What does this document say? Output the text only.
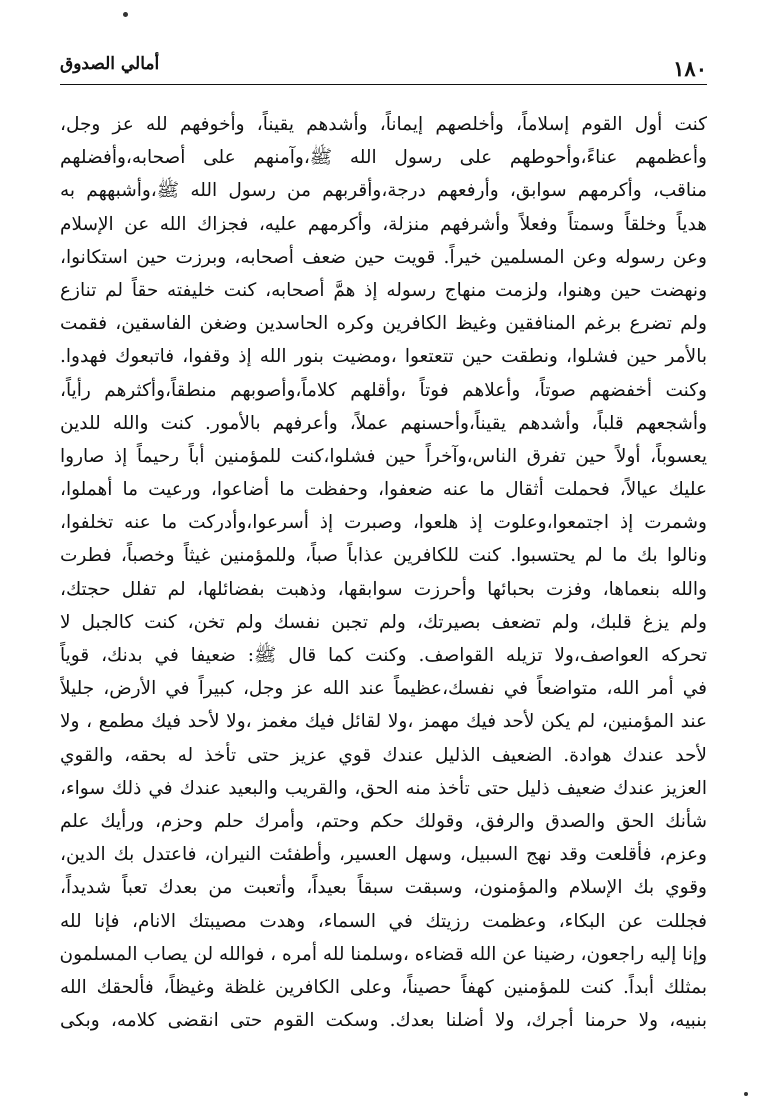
١٨٠
أمالي الصدوق
كنت أول القوم إسلاماً، وأخلصهم إيماناً، وأشدهم يقيناً، وأخوفهم لله عز وجل،
وأعظمهم عناءً،وأحوطهم على رسول الله ﷺ،وآمنهم على أصحابه،وأفضلهم
مناقب، وأكرمهم سوابق، وأرفعهم درجة،وأقربهم من رسول الله ﷺ،وأشبههم به
هدياً وخلقاً وسمتاً وفعلاً وأشرفهم منزلة، وأكرمهم عليه، فجزاك الله عن الإسلام
وعن رسوله وعن المسلمين خيراً. قويت حين ضعف أصحابه، وبرزت حين استكانوا،
ونهضت حين وهنوا، ولزمت منهاج رسوله إذ همَّ أصحابه، كنت خليفته حقاً لم تنازع
ولم تضرع برغم المنافقين وغيظ الكافرين وكره الحاسدين وضغن الفاسقين، فقمت
بالأمر حين فشلوا، ونطقت حين تتعتعوا ،ومضيت بنور الله إذ وقفوا، فاتبعوك فهدوا.
وكنت أخفضهم صوتاً، وأعلاهم فوتاً ،وأقلهم كلاماً،وأصوبهم منطقاً،وأكثرهم رأياً،
وأشجعهم قلباً، وأشدهم يقيناً،وأحسنهم عملاً، وأعرفهم بالأمور. كنت والله للدين
يعسوباً، أولاً حين تفرق الناس،وآخراً حين فشلوا،كنت للمؤمنين أباً رحيماً إذ صاروا
عليك عيالاً، فحملت أثقال ما عنه ضعفوا، وحفظت ما أضاعوا، ورعيت ما أهملوا،
وشمرت إذ اجتمعوا،وعلوت إذ هلعوا، وصبرت إذ أسرعوا،وأدركت ما عنه تخلفوا،
ونالوا بك ما لم يحتسبوا. كنت للكافرين عذاباً صباً، وللمؤمنين غيثاً وخصباً، فطرت
والله بنعماها، وفزت بحبائها وأحرزت سوابقها، وذهبت بفضائلها، لم تفلل حجتك،
ولم يزغ قلبك، ولم تضعف بصيرتك، ولم تجبن نفسك ولم تخن، كنت كالجبل لا
تحركه العواصف،ولا تزيله القواصف. وكنت كما قال ﷺ: ضعيفا في بدنك، قوياً
في أمر الله، متواضعاً في نفسك،عظيماً عند الله عز وجل، كبيراً في الأرض، جليلاً
عند المؤمنين، لم يكن لأحد فيك مهمز ،ولا لقائل فيك مغمز ،ولا لأحد فيك مطمع ، ولا
لأحد عندك هوادة. الضعيف الذليل عندك قوي عزيز حتى تأخذ له بحقه، والقوي
العزيز عندك ضعيف ذليل حتى تأخذ منه الحق، والقريب والبعيد عندك في ذلك سواء،
شأنك الحق والصدق والرفق، وقولك حكم وحتم، وأمرك حلم وحزم، ورأيك علم
وعزم، فأقلعت وقد نهج السبيل، وسهل العسير، وأطفئت النيران، فاعتدل بك الدين،
وقوي بك الإسلام والمؤمنون، وسبقت سبقاً بعيداً، وأتعبت من بعدك تعباً شديداً،
فجللت عن البكاء، وعظمت رزيتك في السماء، وهدت مصيبتك الانام، فإنا لله
وإنا إليه راجعون، رضينا عن الله قضاءه ،وسلمنا لله أمره ، فوالله لن يصاب المسلمون
بمثلك أبداً. كنت للمؤمنين كهفاً حصيناً، وعلى الكافرين غلظة وغيظاً، فألحقك الله
بنبيه، ولا حرمنا أجرك، ولا أضلنا بعدك. وسكت القوم حتى انقضى كلامه، وبكى
